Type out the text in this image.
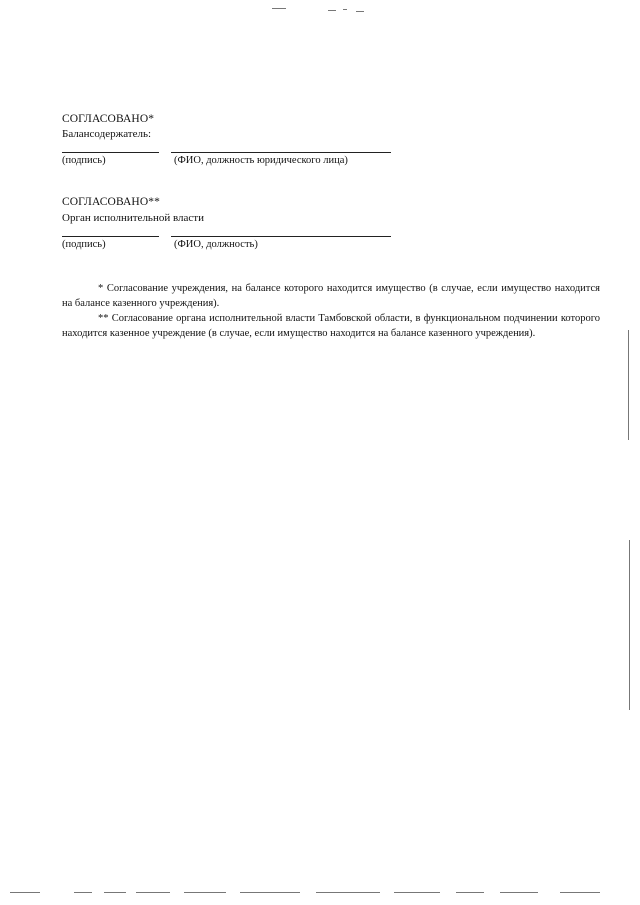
СОГЛАСОВАНО*
Балансодержатель:
(подпись)	(ФИО, должность юридического лица)
СОГЛАСОВАНО**
Орган исполнительной власти
(подпись)	(ФИО, должность)

* Согласование учреждения, на балансе которого находится имущество (в случае, если имущество находится на балансе казенного учреждения).

** Согласование органа исполнительной власти Тамбовской области, в функциональном подчинении которого находится казенное учреждение (в случае, если имущество находится на балансе казенного учреждения).
